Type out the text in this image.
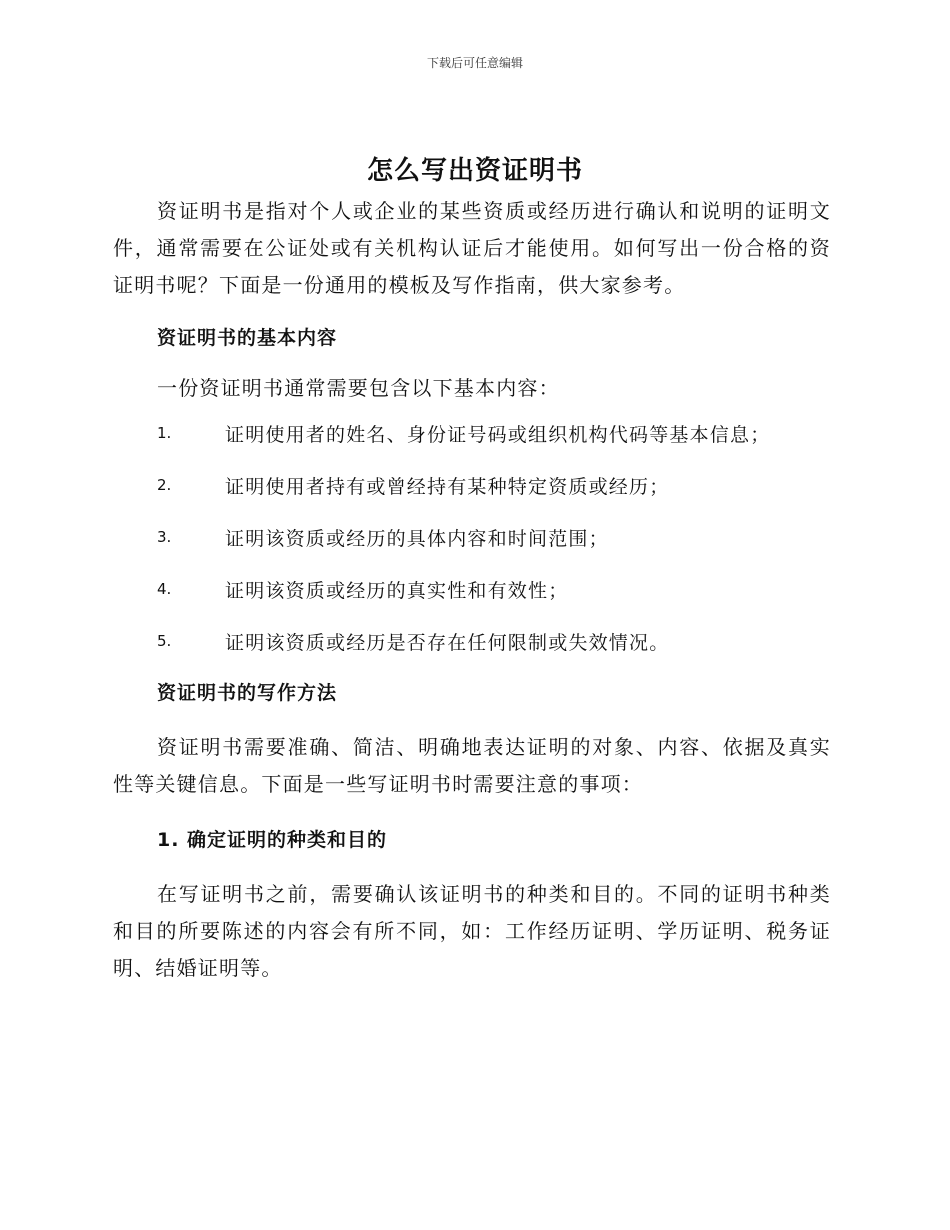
下载后可任意编辑
怎么写出资证明书

资证明书是指对个人或企业的某些资质或经历进行确认和说明的证明文件，通常需要在公证处或有关机构认证后才能使用。如何写出一份合格的资证明书呢？下面是一份通用的模板及写作指南，供大家参考。

资证明书的基本内容

一份资证明书通常需要包含以下基本内容：

1.	证明使用者的姓名、身份证号码或组织机构代码等基本信息；
2.	证明使用者持有或曾经持有某种特定资质或经历；
3.	证明该资质或经历的具体内容和时间范围；
4.	证明该资质或经历的真实性和有效性；
5.	证明该资质或经历是否存在任何限制或失效情况。
资证明书的写作方法

资证明书需要准确、简洁、明确地表达证明的对象、内容、依据及真实性等关键信息。下面是一些写证明书时需要注意的事项：

1. 确定证明的种类和目的

在写证明书之前，需要确认该证明书的种类和目的。不同的证明书种类和目的所要陈述的内容会有所不同，如：工作经历证明、学历证明、税务证明、结婚证明等。
